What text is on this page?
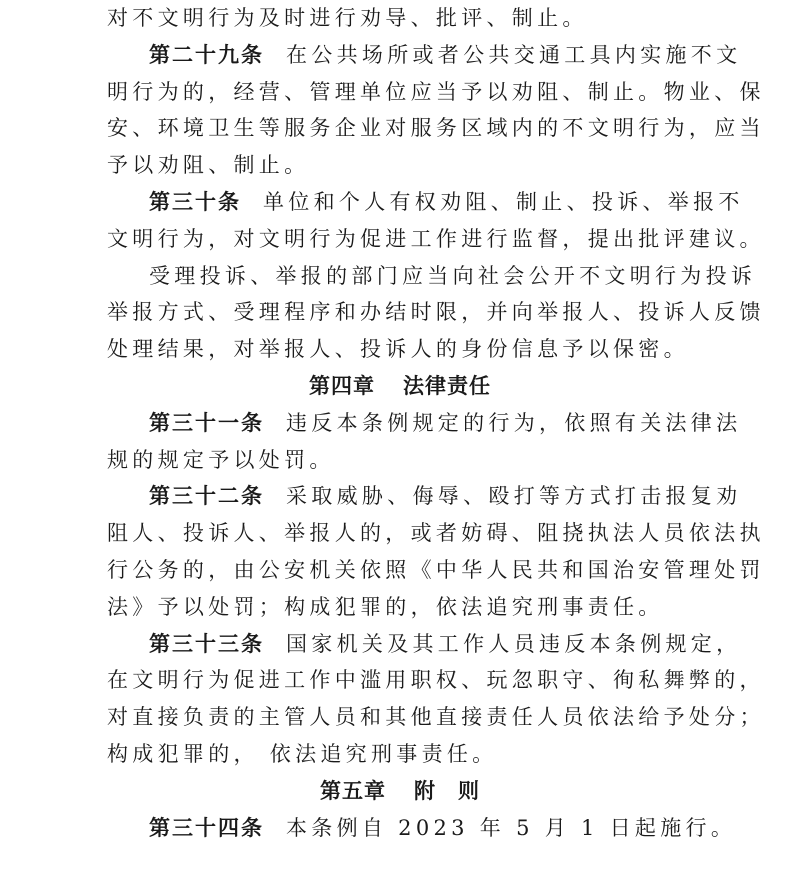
对不文明行为及时进行劝导、批评、制止。
第二十九条 在公共场所或者公共交通工具内实施不文
明行为的，经营、管理单位应当予以劝阻、制止。物业、保
安、环境卫生等服务企业对服务区域内的不文明行为，应当
予以劝阻、制止。
第三十条 单位和个人有权劝阻、制止、投诉、举报不
文明行为，对文明行为促进工作进行监督，提出批评建议。
受理投诉、举报的部门应当向社会公开不文明行为投诉
举报方式、受理程序和办结时限，并向举报人、投诉人反馈
处理结果，对举报人、投诉人的身份信息予以保密。
第四章 法律责任
第三十一条 违反本条例规定的行为，依照有关法律法
规的规定予以处罚。
第三十二条 采取威胁、侮辱、殴打等方式打击报复劝
阻人、投诉人、举报人的，或者妨碍、阻挠执法人员依法执
行公务的，由公安机关依照《中华人民共和国治安管理处罚
法》予以处罚；构成犯罪的，依法追究刑事责任。
第三十三条 国家机关及其工作人员违反本条例规定，
在文明行为促进工作中滥用职权、玩忽职守、徇私舞弊的，
对直接负责的主管人员和其他直接责任人员依法给予处分；
构成犯罪的， 依法追究刑事责任。
第五章 附　则
第三十四条 本条例自 2023 年 5 月 1 日起施行。
